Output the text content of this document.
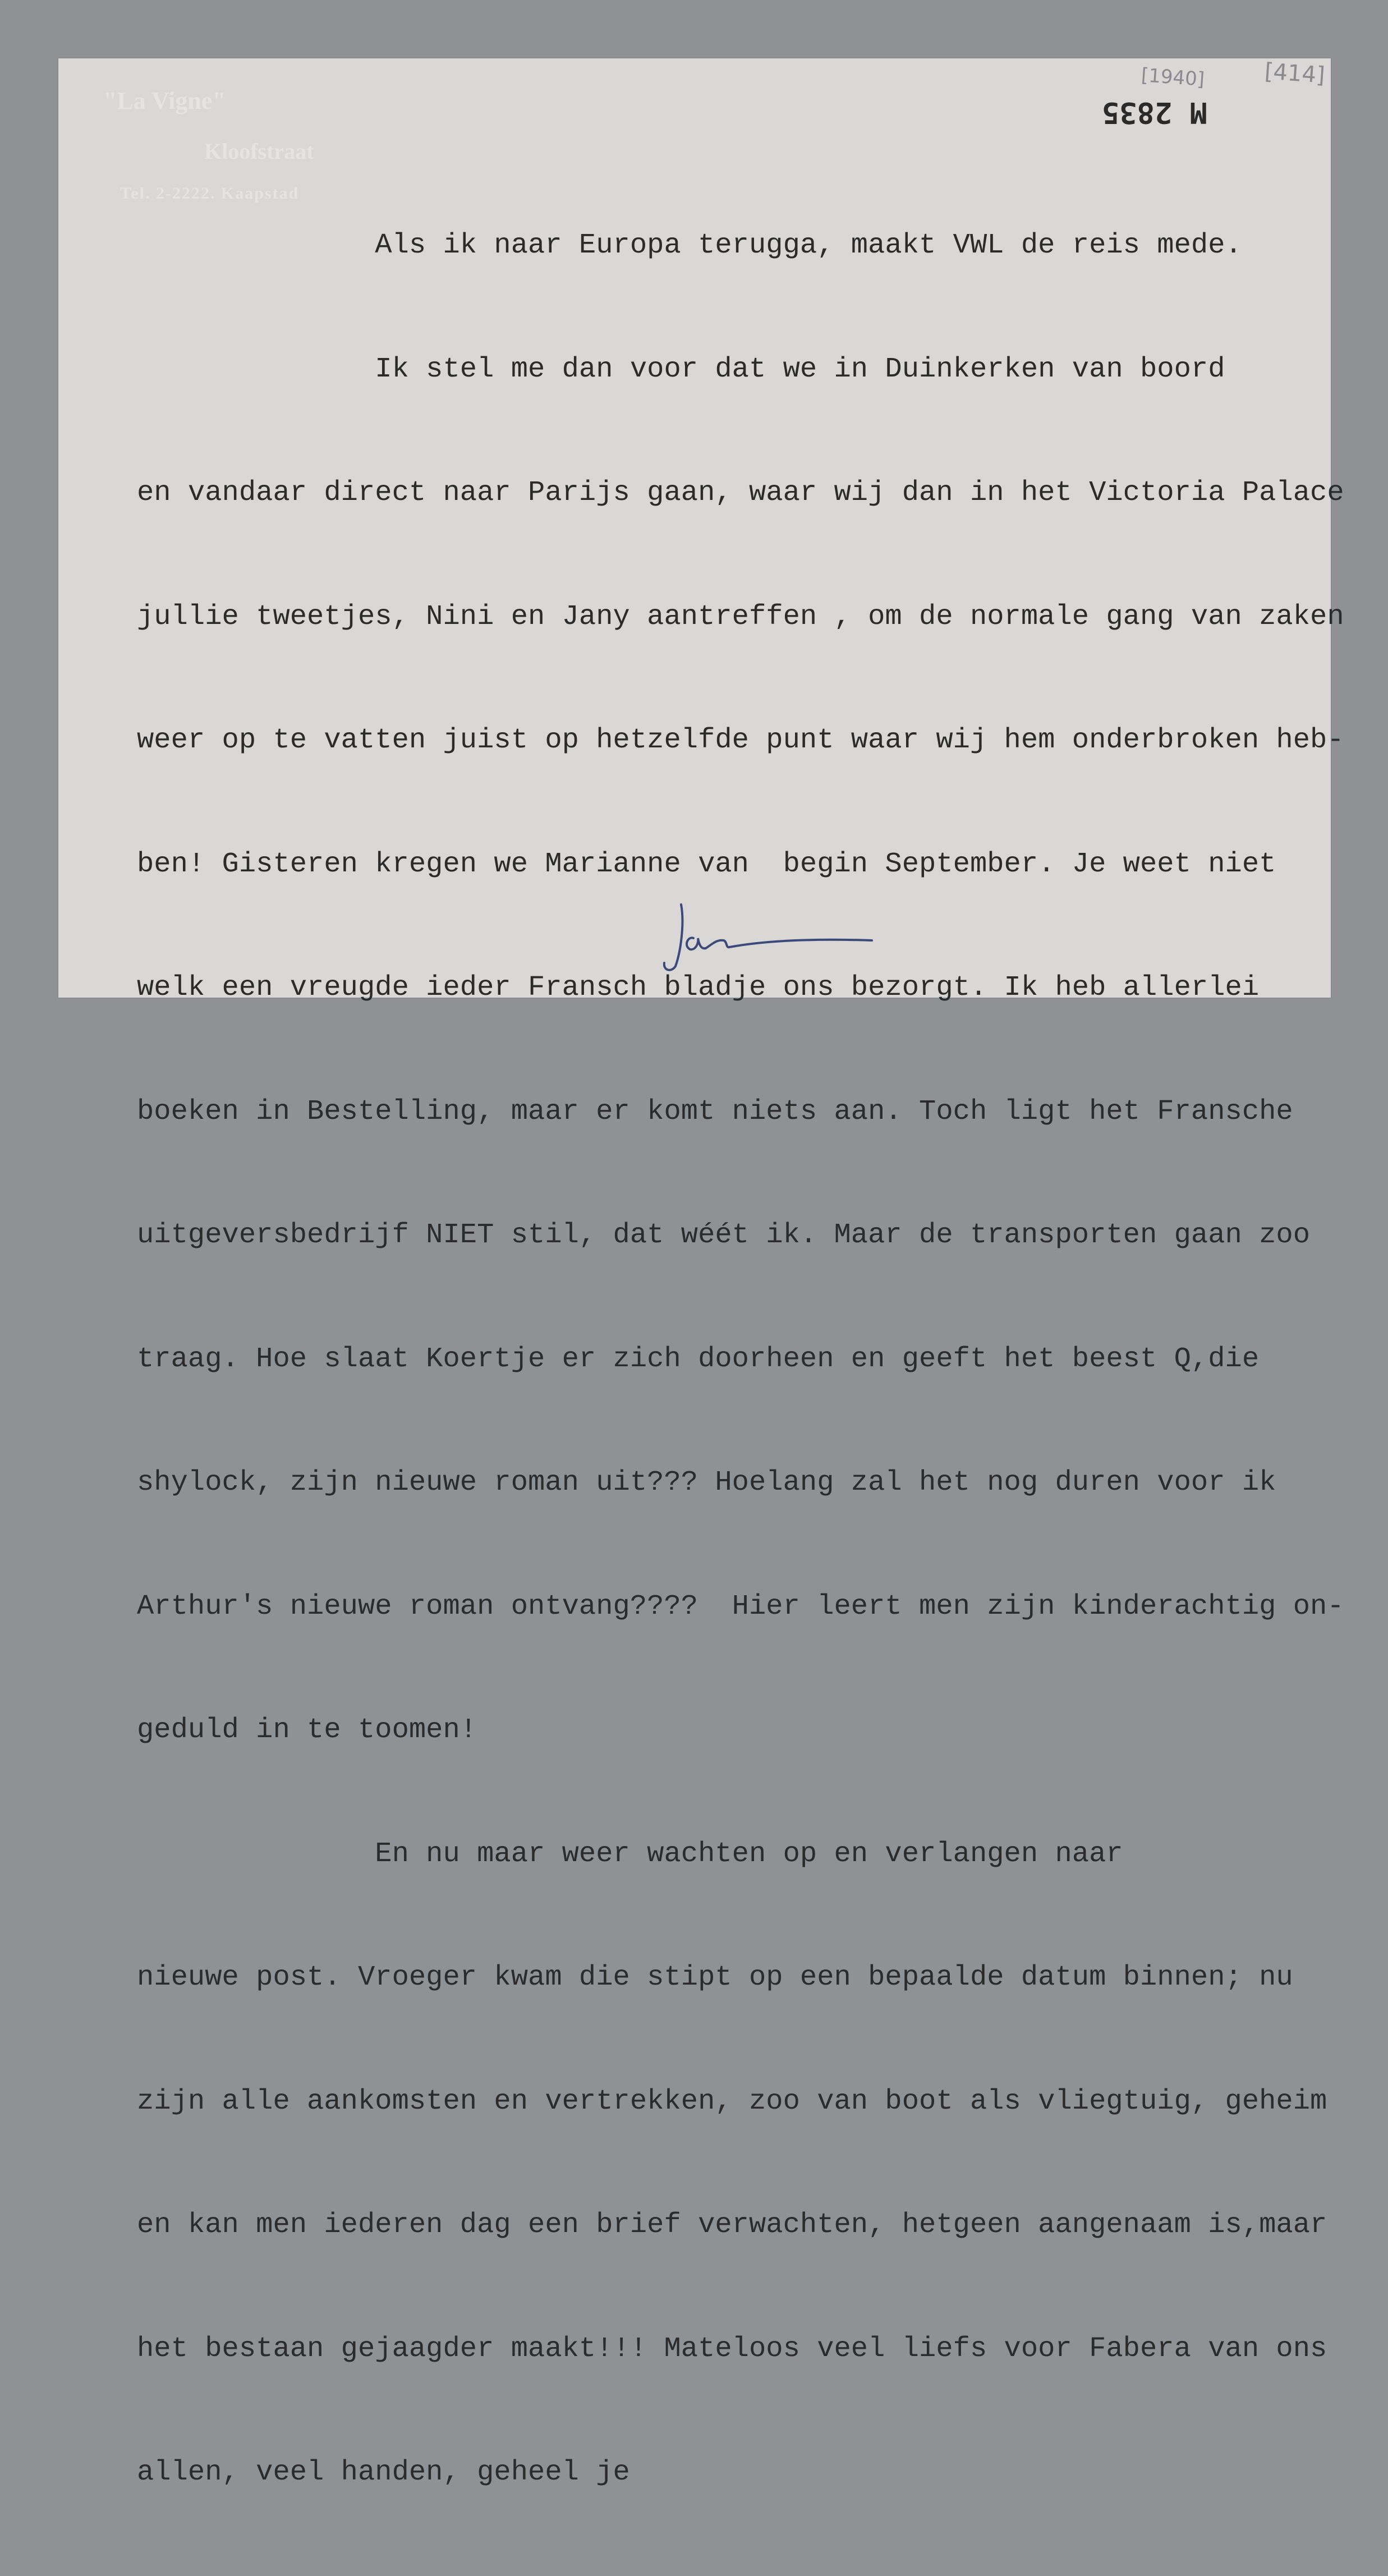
[1940]	[414]
M 2835
"La Vigne"
Kloofstraat
Tel. 2-2222. Kaapstad

Als ik naar Europa terugga, maakt VWL de reis mede.

Ik stel me dan voor dat we in Duinkerken van boord

en vandaar direct naar Parijs gaan, waar wij dan in het Victoria Palace

jullie tweetjes, Nini en Jany aantreffen , om de normale gang van zaken

weer op te vatten juist op hetzelfde punt waar wij hem onderbroken heb-

ben! Gisteren kregen we Marianne van  begin September. Je weet niet

welk een vreugde ieder Fransch bladje ons bezorgt. Ik heb allerlei

boeken in Bestelling, maar er komt niets aan. Toch ligt het Fransche

uitgeversbedrijf NIET stil, dat wéét ik. Maar de transporten gaan zoo

traag. Hoe slaat Koertje er zich doorheen en geeft het beest Q,die

shylock, zijn nieuwe roman uit??? Hoelang zal het nog duren voor ik

Arthur's nieuwe roman ontvang????  Hier leert men zijn kinderachtig on-

geduld in te toomen!

En nu maar weer wachten op en verlangen naar

nieuwe post. Vroeger kwam die stipt op een bepaalde datum binnen; nu

zijn alle aankomsten en vertrekken, zoo van boot als vliegtuig, geheim

en kan men iederen dag een brief verwachten, hetgeen aangenaam is,maar

het bestaan gejaagder maakt!!! Mateloos veel liefs voor Fabera van ons

allen, veel handen, geheel je
